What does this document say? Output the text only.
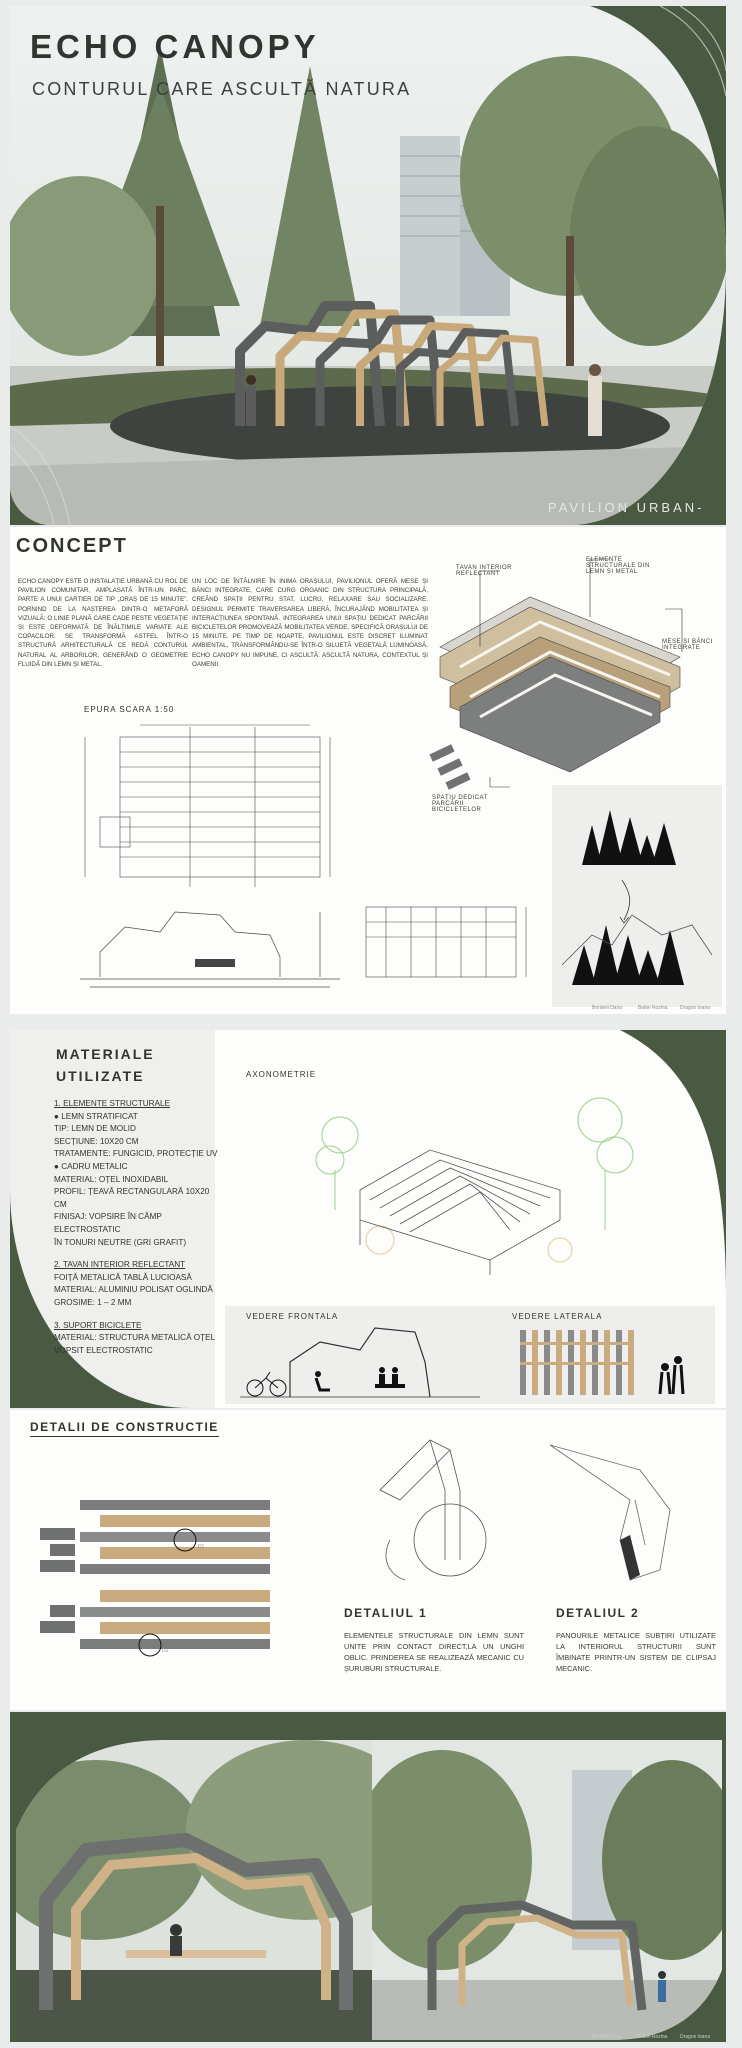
ECHO CANOPY
CONTURUL CARE ASCULTĂ NATURA
PAVILION URBAN-
CONCEPT
ECHO CANOPY ESTE O INSTALAȚIE URBANĂ CU ROL DE PAVILION COMUNITAR, AMPLASATĂ ÎNTR-UN PARC, PARTE A UNUI CARTIER DE TIP „ORAȘ DE 15 MINUTE”. PORNIND DE LA NAȘTEREA DINTR-O METAFORĂ VIZUALĂ: O LINIE PLANĂ CARE CADE PESTE VEGETAȚIE ȘI ESTE DEFORMATĂ DE ÎNĂLȚIMILE VARIATE ALE COPACILOR. SE TRANSFORMĂ ASTFEL ÎNTR-O STRUCTURĂ ARHITECTURALĂ CE REDĂ CONTURUL NATURAL AL ARBORILOR, GENERÂND O GEOMETRIE FLUIDĂ DIN LEMN ȘI METAL.
UN LOC DE ÎNTÂLNIRE ÎN INIMA ORAȘULUI, PAVILIONUL OFERĂ MESE ȘI BĂNCI INTEGRATE, CARE CURG ORGANIC DIN STRUCTURA PRINCIPALĂ, CREÂND SPAȚII PENTRU STAT, LUCRU, RELAXARE SAU SOCIALIZARE. DESIGNUL PERMITE TRAVERSAREA LIBERĂ, ÎNCURAJÂND MOBILITATEA ȘI INTERACȚIUNEA SPONTANĂ. INTEGRAREA UNUI SPAȚIU DEDICAT PARCĂRII BICICLETELOR PROMOVEAZĂ MOBILITATEA VERDE, SPECIFICĂ ORAȘULUI DE 15 MINUTE. PE TIMP DE NOAPTE, PAVILIONUL ESTE DISCRET ILUMINAT AMBIENTAL, TRANSFORMÂNDU-SE ÎNTR-O SILUETĂ VEGETALĂ LUMINOASĂ. ECHO CANOPY NU IMPUNE, CI ASCULTĂ: ASCULTĂ NATURA, CONTEXTUL ȘI OAMENII.
TAVAN INTERIOR REFLECTANT
ELEMENTE STRUCTURALE DIN LEMN ȘI METAL
MESE ȘI BĂNCI INTEGRATE
SPAȚIU DEDICAT PARCĂRII BICICLETELOR
EPURA SCARA 1:50
Bordeiii Daria	Baltei Rozina	Dragos Ioana
MATERIALE
UTILIZATE
1. ELEMENTE STRUCTURALE
● LEMN STRATIFICAT
TIP: LEMN DE MOLID
SECȚIUNE: 10X20 CM
TRATAMENTE: FUNGICID, PROTECȚIE UV
● CADRU METALIC
MATERIAL: OȚEL INOXIDABIL
PROFIL: ȚEAVĂ RECTANGULARĂ 10X20 CM
FINISAJ: VOPSIRE ÎN CÂMP ELECTROSTATIC
ÎN TONURI NEUTRE (GRI GRAFIT)
2. TAVAN INTERIOR REFLECTANT
FOIȚĂ METALICĂ TABLĂ LUCIOASĂ
MATERIAL: ALUMINIU POLISAT OGLINDĂ
GROSIME: 1 – 2 MM
3. SUPORT BICICLETE
MATERIAL: STRUCTURA METALICĂ OȚEL
VOPSIT ELECTROSTATIC
AXONOMETRIE
VEDERE FRONTALA	VEDERE LATERALA
DETALII DE CONSTRUCTIE
D1
D2
DETALIUL 1
ELEMENTELE STRUCTURALE DIN LEMN SUNT UNITE PRIN CONTACT DIRECT,LA UN UNGHI OBLIC. PRINDEREA SE REALIZEAZĂ MECANIC CU ȘURUBURI STRUCTURALE.
DETALIUL 2
PANOURILE METALICE SUBȚIRI UTILIZATE LA INTERIORUL STRUCTURII SUNT ÎMBINATE PRINTR-UN SISTEM DE CLIPSAJ MECANIC.
Bordeiii Daria	Baltei Rozina	Dragos Ioana
